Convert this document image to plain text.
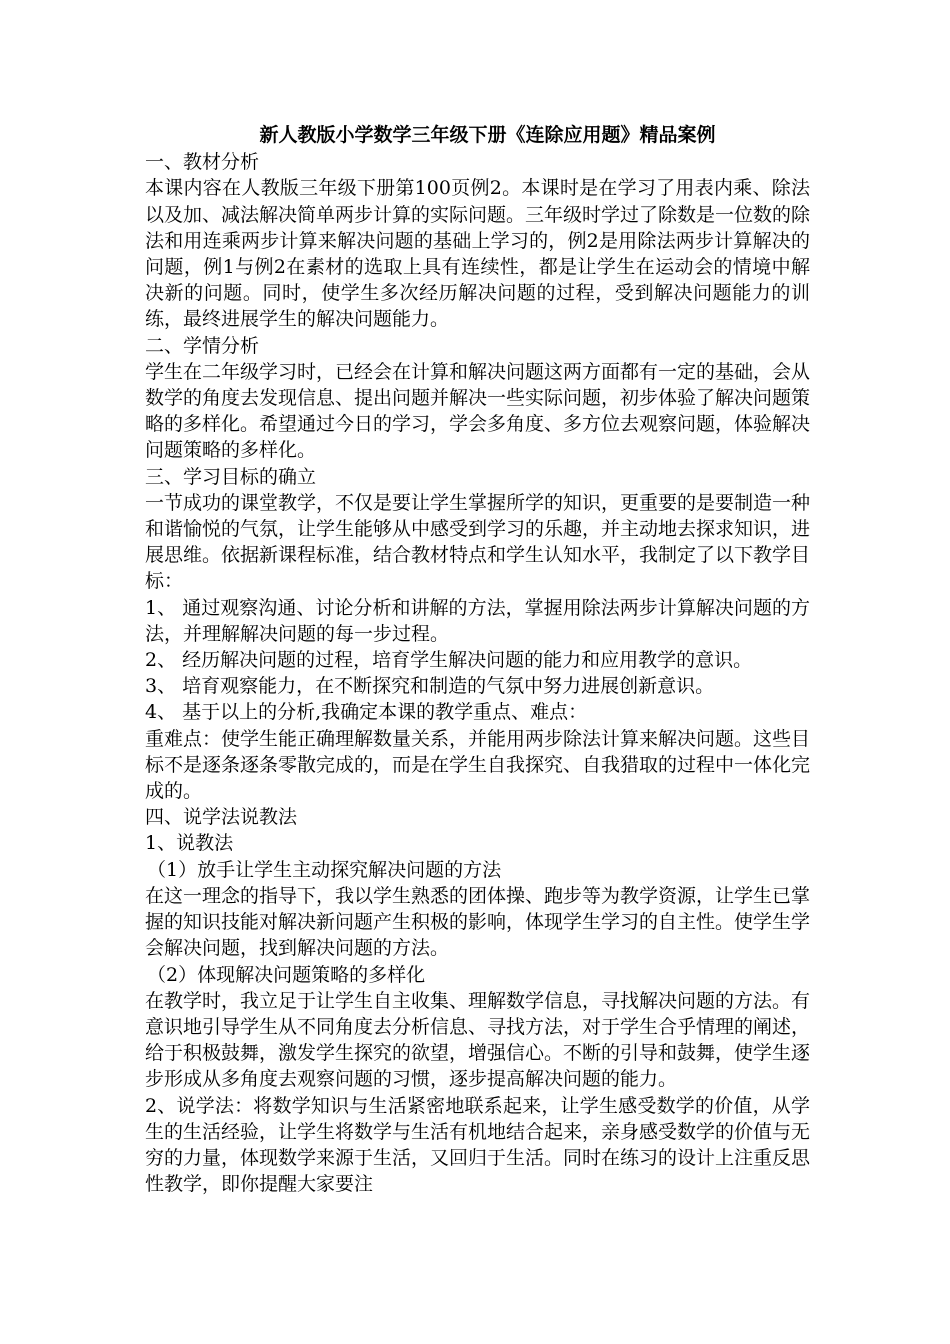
新人教版小学数学三年级下册《连除应用题》精品案例
一、教材分析
本课内容在人教版三年级下册第100页例2。本课时是在学习了用表内乘、除法以及加、减法解决简单两步计算的实际问题。三年级时学过了除数是一位数的除法和用连乘两步计算来解决问题的基础上学习的，例2是用除法两步计算解决的问题，例1与例2在素材的选取上具有连续性，都是让学生在运动会的情境中解决新的问题。同时，使学生多次经历解决问题的过程，受到解决问题能力的训练，最终进展学生的解决问题能力。
二、学情分析
学生在二年级学习时，已经会在计算和解决问题这两方面都有一定的基础，会从数学的角度去发现信息、提出问题并解决一些实际问题，初步体验了解决问题策略的多样化。希望通过今日的学习，学会多角度、多方位去观察问题，体验解决问题策略的多样化。
三、学习目标的确立
一节成功的课堂教学，不仅是要让学生掌握所学的知识，更重要的是要制造一种和谐愉悦的气氛，让学生能够从中感受到学习的乐趣，并主动地去探求知识，进展思维。依据新课程标准，结合教材特点和学生认知水平，我制定了以下教学目标：
1、 通过观察沟通、讨论分析和讲解的方法，掌握用除法两步计算解决问题的方法，并理解解决问题的每一步过程。
2、 经历解决问题的过程，培育学生解决问题的能力和应用教学的意识。
3、 培育观察能力，在不断探究和制造的气氛中努力进展创新意识。
4、 基于以上的分析,我确定本课的教学重点、难点：
重难点：使学生能正确理解数量关系，并能用两步除法计算来解决问题。这些目标不是逐条逐条零散完成的，而是在学生自我探究、自我猎取的过程中一体化完成的。
四、说学法说教法
1、说教法
（1）放手让学生主动探究解决问题的方法
在这一理念的指导下，我以学生熟悉的团体操、跑步等为教学资源，让学生已掌握的知识技能对解决新问题产生积极的影响，体现学生学习的自主性。使学生学会解决问题，找到解决问题的方法。
（2）体现解决问题策略的多样化
在教学时，我立足于让学生自主收集、理解数学信息，寻找解决问题的方法。有意识地引导学生从不同角度去分析信息、寻找方法，对于学生合乎情理的阐述，给于积极鼓舞，激发学生探究的欲望，增强信心。不断的引导和鼓舞，使学生逐步形成从多角度去观察问题的习惯，逐步提高解决问题的能力。
2、说学法：将数学知识与生活紧密地联系起来，让学生感受数学的价值，从学生的生活经验，让学生将数学与生活有机地结合起来，亲身感受数学的价值与无穷的力量，体现数学来源于生活，又回归于生活。同时在练习的设计上注重反思性教学，即你提醒大家要注
